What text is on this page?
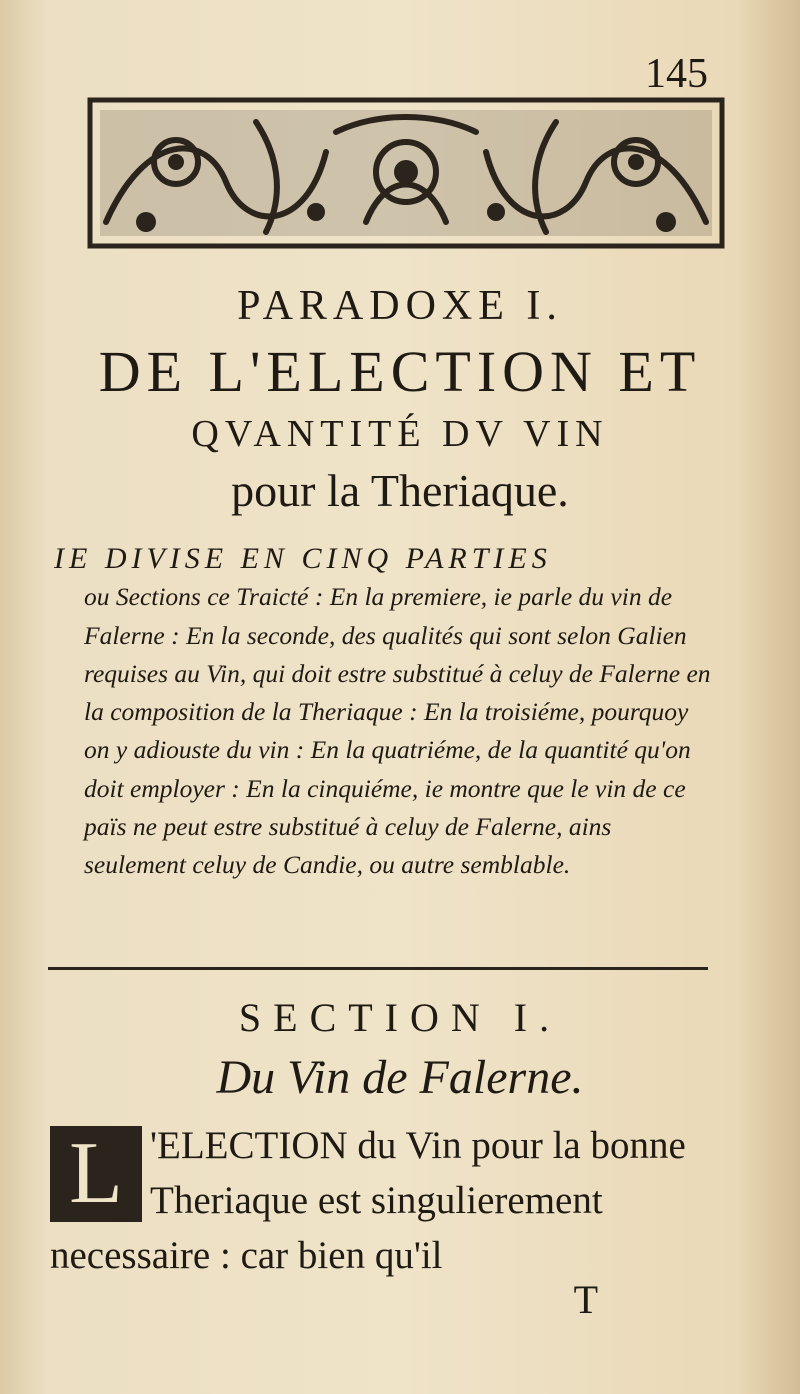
145
PARADOXE I.
DE L'ELECTION ET
QVANTITÉ DV VIN
pour la Theriaque.
IE DIVISE EN CINQ PARTIES
ou Sections ce Traicté : En la premiere, ie parle du vin de Falerne : En la seconde, des qualités qui sont selon Galien requises au Vin, qui doit estre substitué à celuy de Falerne en la composition de la Theriaque : En la troisiéme, pourquoy on y adiouste du vin : En la quatriéme, de la quantité qu'on doit employer : En la cinquiéme, ie montre que le vin de ce païs ne peut estre substitué à celuy de Falerne, ains seulement celuy de Candie, ou autre semblable.
SECTION I.
Du Vin de Falerne.
L 'ELECTION du Vin pour la bonne Theriaque est singulierement necessaire : car bien qu'il
T
